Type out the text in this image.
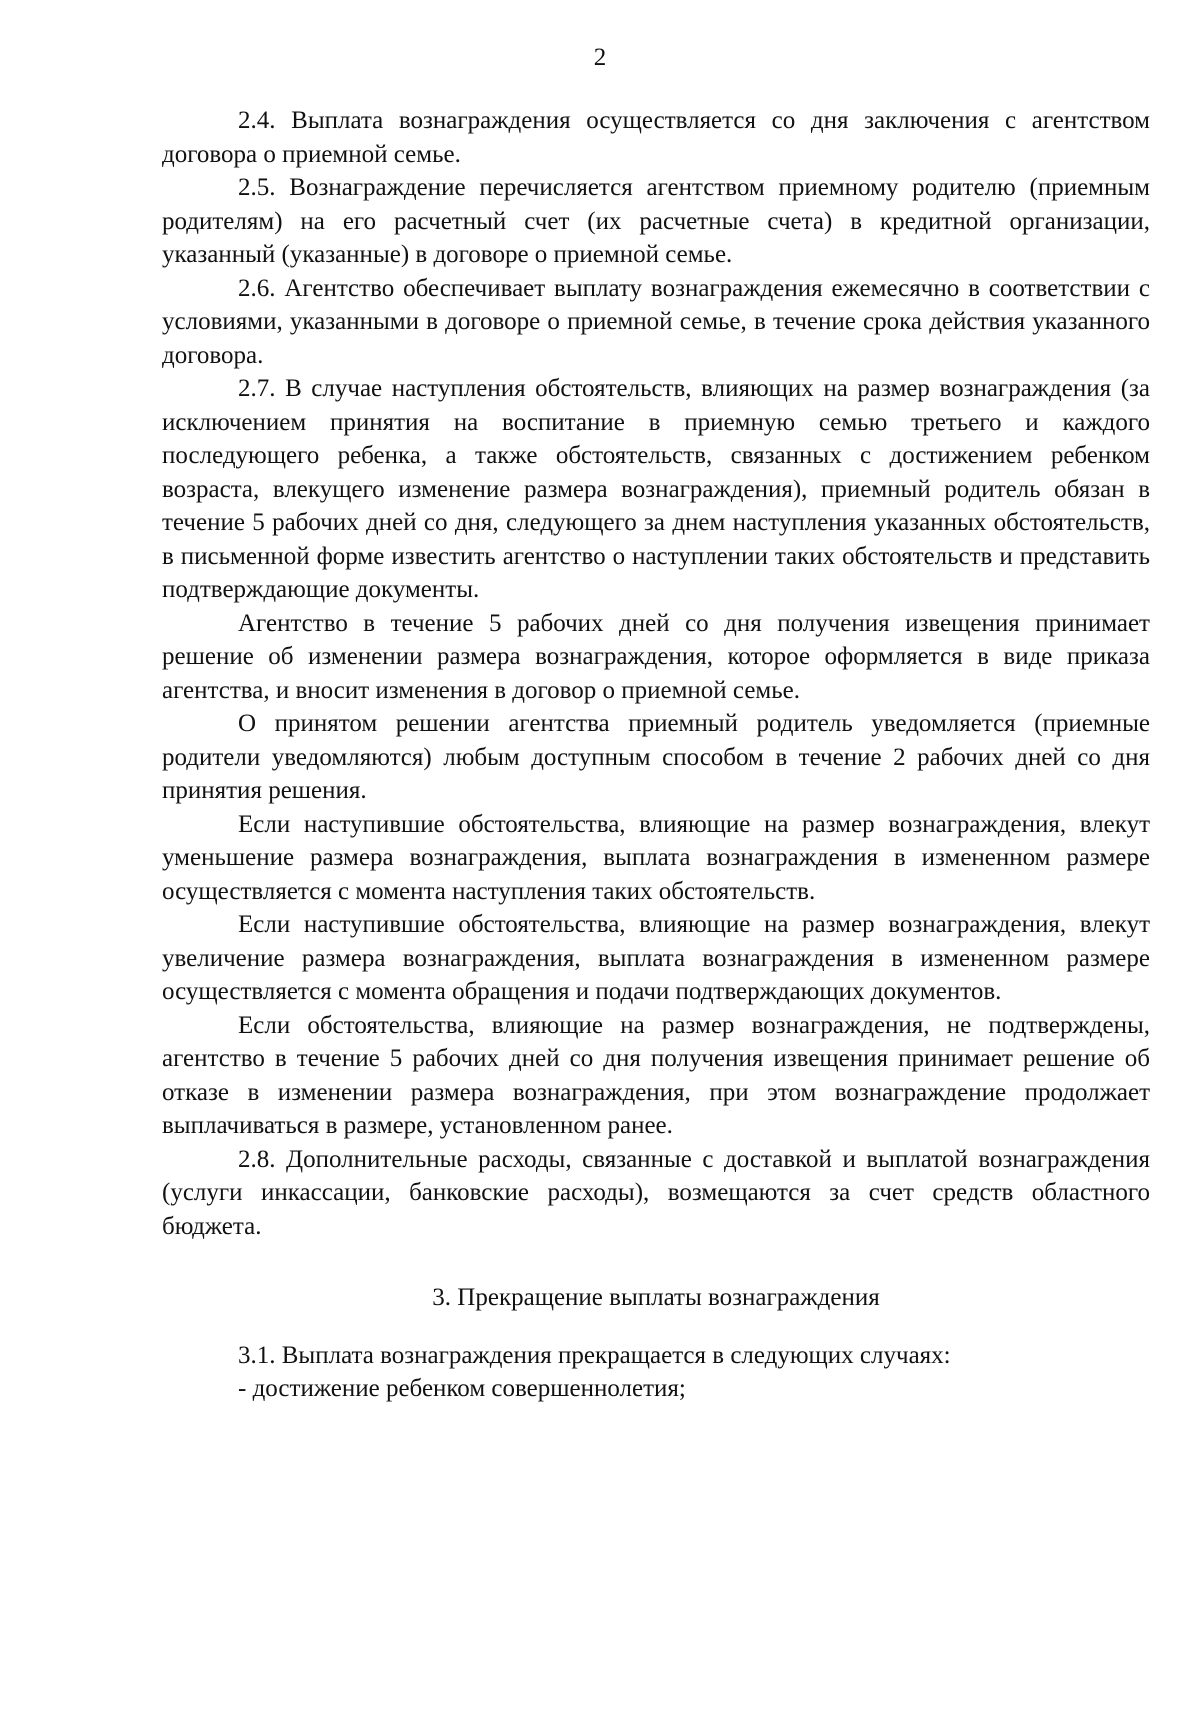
2

2.4. Выплата вознаграждения осуществляется со дня заключения с агентством договора о приемной семье.

2.5. Вознаграждение перечисляется агентством приемному родителю (приемным родителям) на его расчетный счет (их расчетные счета) в кредитной организации, указанный (указанные) в договоре о приемной семье.

2.6. Агентство обеспечивает выплату вознаграждения ежемесячно в соответствии с условиями, указанными в договоре о приемной семье, в течение срока действия указанного договора.

2.7. В случае наступления обстоятельств, влияющих на размер вознаграждения (за исключением принятия на воспитание в приемную семью третьего и каждого последующего ребенка, а также обстоятельств, связанных с достижением ребенком возраста, влекущего изменение размера вознаграждения), приемный родитель обязан в течение 5 рабочих дней со дня, следующего за днем наступления указанных обстоятельств, в письменной форме известить агентство о наступлении таких обстоятельств и представить подтверждающие документы.

Агентство в течение 5 рабочих дней со дня получения извещения принимает решение об изменении размера вознаграждения, которое оформляется в виде приказа агентства, и вносит изменения в договор о приемной семье.

О принятом решении агентства приемный родитель уведомляется (приемные родители уведомляются) любым доступным способом в течение 2 рабочих дней со дня принятия решения.

Если наступившие обстоятельства, влияющие на размер вознаграждения, влекут уменьшение размера вознаграждения, выплата вознаграждения в измененном размере осуществляется с момента наступления таких обстоятельств.

Если наступившие обстоятельства, влияющие на размер вознаграждения, влекут увеличение размера вознаграждения, выплата вознаграждения в измененном размере осуществляется с момента обращения и подачи подтверждающих документов.

Если обстоятельства, влияющие на размер вознаграждения, не подтверждены, агентство в течение 5 рабочих дней со дня получения извещения принимает решение об отказе в изменении размера вознаграждения, при этом вознаграждение продолжает выплачиваться в размере, установленном ранее.

2.8. Дополнительные расходы, связанные с доставкой и выплатой вознаграждения (услуги инкассации, банковские расходы), возмещаются за счет средств областного бюджета.

3. Прекращение выплаты вознаграждения

3.1. Выплата вознаграждения прекращается в следующих случаях:

- достижение ребенком совершеннолетия;
